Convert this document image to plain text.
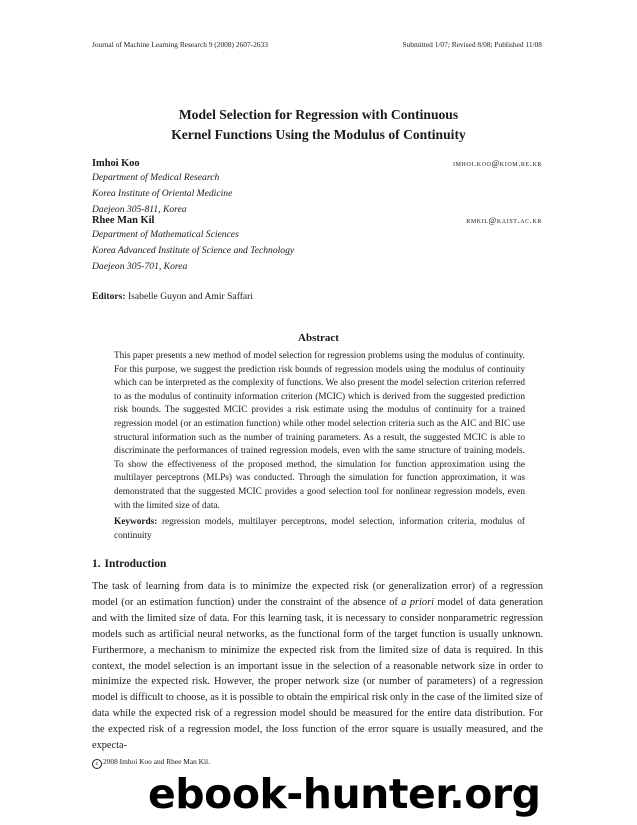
Journal of Machine Learning Research 9 (2008) 2607-2633	Submitted 1/07; Revised 8/08; Published 11/08
Model Selection for Regression with Continuous
Kernel Functions Using the Modulus of Continuity
Imhoi Koo	imhoi.koo@kiom.re.kr
Department of Medical Research
Korea Institute of Oriental Medicine
Daejeon 305-811, Korea
Rhee Man Kil	rmkil@kaist.ac.kr
Department of Mathematical Sciences
Korea Advanced Institute of Science and Technology
Daejeon 305-701, Korea
Editors: Isabelle Guyon and Amir Saffari
Abstract

This paper presents a new method of model selection for regression problems using the modulus of continuity. For this purpose, we suggest the prediction risk bounds of regression models using the modulus of continuity which can be interpreted as the complexity of functions. We also present the model selection criterion referred to as the modulus of continuity information criterion (MCIC) which is derived from the suggested prediction risk bounds. The suggested MCIC provides a risk estimate using the modulus of continuity for a trained regression model (or an estimation function) while other model selection criteria such as the AIC and BIC use structural information such as the number of training parameters. As a result, the suggested MCIC is able to discriminate the performances of trained regression models, even with the same structure of training models. To show the effectiveness of the proposed method, the simulation for function approximation using the multilayer perceptrons (MLPs) was conducted. Through the simulation for function approximation, it was demonstrated that the suggested MCIC provides a good selection tool for nonlinear regression models, even with the limited size of data.

Keywords: regression models, multilayer perceptrons, model selection, information criteria, modulus of continuity

1. Introduction

The task of learning from data is to minimize the expected risk (or generalization error) of a regression model (or an estimation function) under the constraint of the absence of a priori model of data generation and with the limited size of data. For this learning task, it is necessary to consider nonparametric regression models such as artificial neural networks, as the functional form of the target function is usually unknown. Furthermore, a mechanism to minimize the expected risk from the limited size of data is required. In this context, the model selection is an important issue in the selection of a reasonable network size in order to minimize the expected risk. However, the proper network size (or number of parameters) of a regression model is difficult to choose, as it is possible to obtain the empirical risk only in the case of the limited size of data while the expected risk of a regression model should be measured for the entire data distribution. For the expected risk of a regression model, the loss function of the error square is usually measured, and the expecta-

c 2008 Imhoi Koo and Rhee Man Kil.
ebook-hunter.org
